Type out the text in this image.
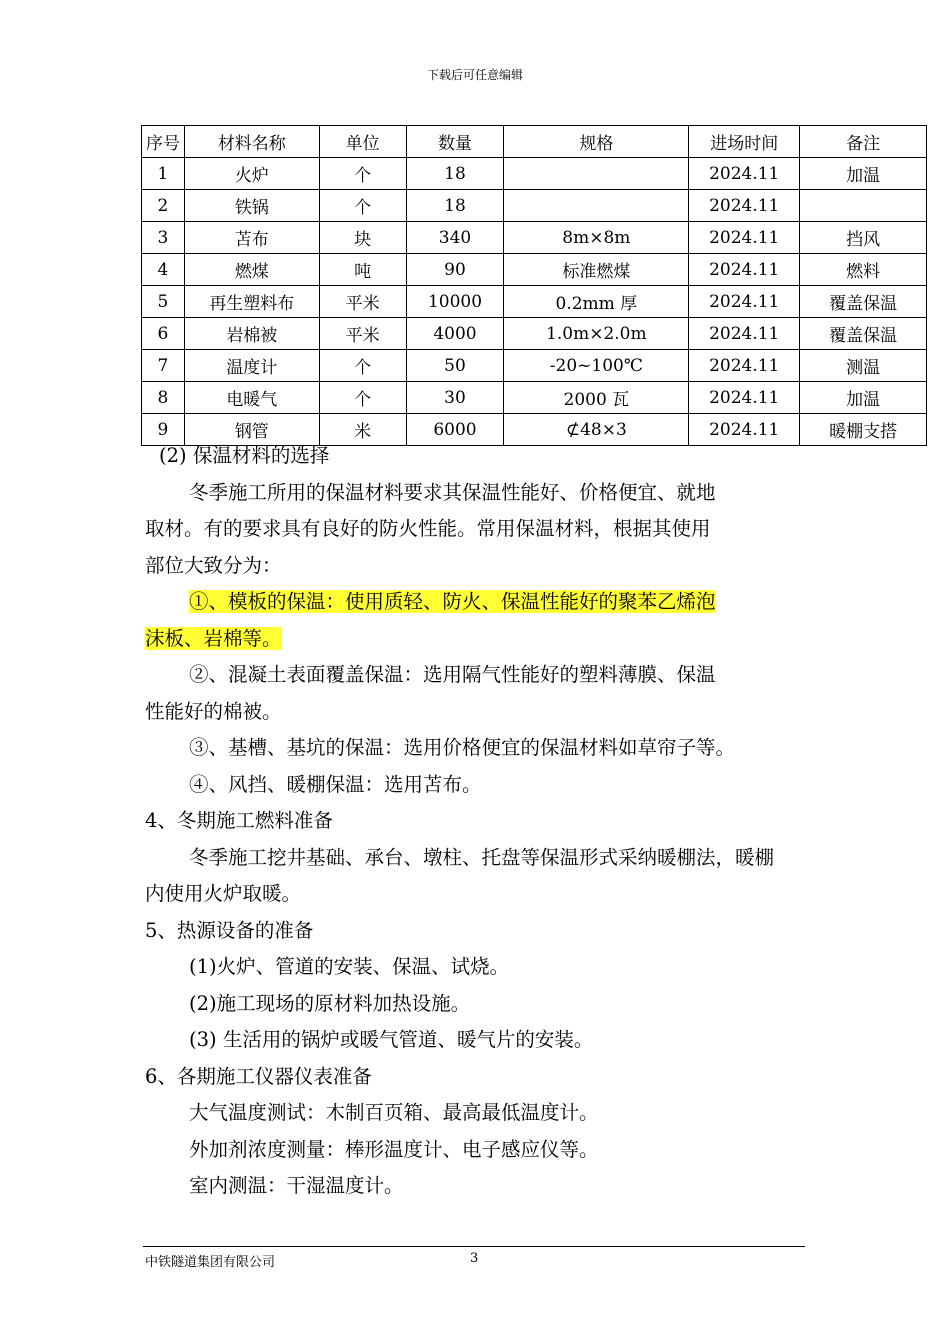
下载后可任意编辑
序号	材料名称	单位	数量	规格	进场时间	备注
1	火炉	个	18		2024.11	加温
2	铁锅	个	18		2024.11	
3	苫布	块	340	8m×8m	2024.11	挡风
4	燃煤	吨	90	标准燃煤	2024.11	燃料
5	再生塑料布	平米	10000	0.2mm 厚	2024.11	覆盖保温
6	岩棉被	平米	4000	1.0m×2.0m	2024.11	覆盖保温
7	温度计	个	50	-20~100℃	2024.11	测温
8	电暖气	个	30	2000 瓦	2024.11	加温
9	钢管	米	6000	⊄48×3	2024.11	暖棚支搭

(2) 保温材料的选择

冬季施工所用的保温材料要求其保温性能好、价格便宜、就地

取材。有的要求具有良好的防火性能。常用保温材料，根据其使用

部位大致分为：

①、模板的保温：使用质轻、防火、保温性能好的聚苯乙烯泡

沫板、岩棉等。

②、混凝土表面覆盖保温：选用隔气性能好的塑料薄膜、保温

性能好的棉被。

③、基槽、基坑的保温：选用价格便宜的保温材料如草帘子等。

④、风挡、暖棚保温：选用苫布。

4、冬期施工燃料准备

冬季施工挖井基础、承台、墩柱、托盘等保温形式采纳暖棚法，暖棚

内使用火炉取暖。

5、热源设备的准备

(1)火炉、管道的安装、保温、试烧。

(2)施工现场的原材料加热设施。

(3) 生活用的锅炉或暖气管道、暖气片的安装。

6、各期施工仪器仪表准备

大气温度测试：木制百页箱、最高最低温度计。

外加剂浓度测量：棒形温度计、电子感应仪等。

室内测温：干湿温度计。

中铁隧道集团有限公司	3
